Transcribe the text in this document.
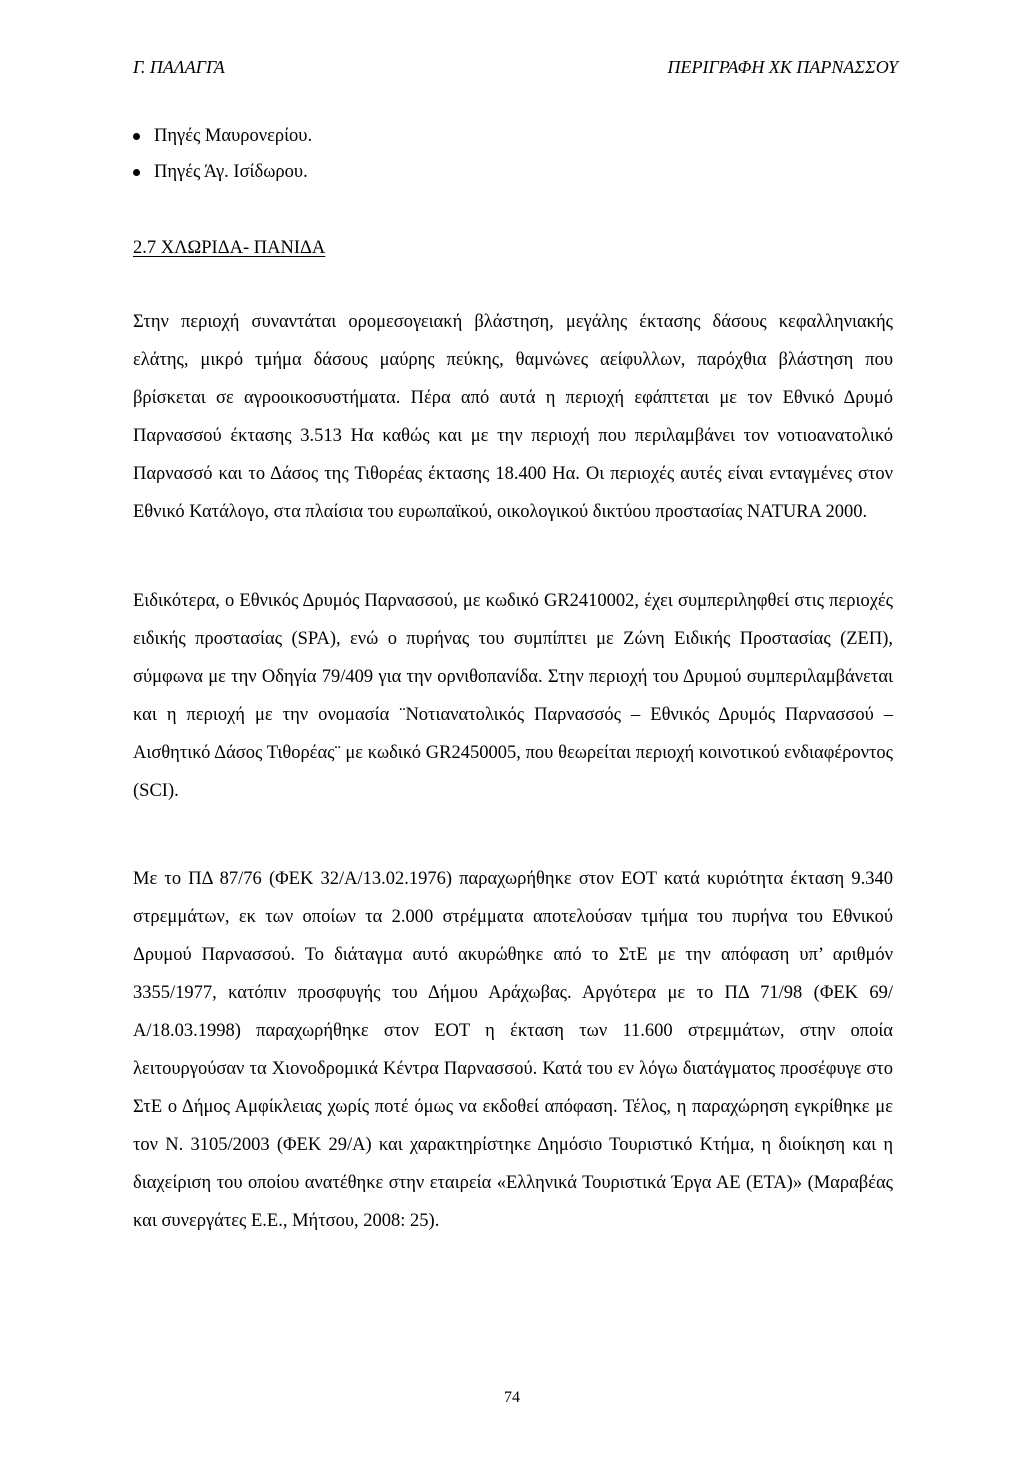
Γ. ΠΑΛΑΓΓΑ	ΠΕΡΙΓΡΑΦΗ ΧΚ ΠΑΡΝΑΣΣΟΥ
Πηγές Μαυρονερίου.
Πηγές Άγ. Ισίδωρου.
2.7 ΧΛΩΡΙΔΑ- ΠΑΝΙΔΑ

Στην περιοχή συναντάται ορομεσογειακή βλάστηση, μεγάλης έκτασης δάσους κεφαλληνιακής ελάτης, μικρό τμήμα δάσους μαύρης πεύκης, θαμνώνες αείφυλλων, παρόχθια βλάστηση που βρίσκεται σε αγροοικοσυστήματα. Πέρα από αυτά η περιοχή εφάπτεται με τον Εθνικό Δρυμό Παρνασσού έκτασης 3.513 Ηα καθώς και με την περιοχή που περιλαμβάνει τον νοτιοανατολικό Παρνασσό και το Δάσος της Τιθορέας έκτασης 18.400 Ηα. Οι περιοχές αυτές είναι ενταγμένες στον Εθνικό Κατάλογο, στα πλαίσια του ευρωπαϊκού, οικολογικού δικτύου προστασίας NATURA 2000.

Ειδικότερα, ο Εθνικός Δρυμός Παρνασσού, με κωδικό GR2410002, έχει συμπεριληφθεί στις περιοχές ειδικής προστασίας (SPA), ενώ ο πυρήνας του συμπίπτει με Ζώνη Ειδικής Προστασίας (ΖΕΠ), σύμφωνα με την Οδηγία 79/409 για την ορνιθοπανίδα. Στην περιοχή του Δρυμού συμπεριλαμβάνεται και η περιοχή με την ονομασία ¨Νοτιανατολικός Παρνασσός – Εθνικός Δρυμός Παρνασσού – Αισθητικό Δάσος Τιθορέας¨ με κωδικό GR2450005, που θεωρείται περιοχή κοινοτικού ενδιαφέροντος (SCI).

Με το ΠΔ 87/76 (ΦΕΚ 32/Α/13.02.1976) παραχωρήθηκε στον ΕΟΤ κατά κυριότητα έκταση 9.340 στρεμμάτων, εκ των οποίων τα 2.000 στρέμματα αποτελούσαν τμήμα του πυρήνα του Εθνικού Δρυμού Παρνασσού. Το διάταγμα αυτό ακυρώθηκε από το ΣτΕ με την απόφαση υπ’ αριθμόν 3355/1977, κατόπιν προσφυγής του Δήμου Αράχωβας. Αργότερα με το ΠΔ 71/98 (ΦΕΚ 69/Α/18.03.1998) παραχωρήθηκε στον ΕΟΤ η έκταση των 11.600 στρεμμάτων, στην οποία λειτουργούσαν τα Χιονοδρομικά Κέντρα Παρνασσού. Κατά του εν λόγω διατάγματος προσέφυγε στο ΣτΕ ο Δήμος Αμφίκλειας χωρίς ποτέ όμως να εκδοθεί απόφαση. Τέλος, η παραχώρηση εγκρίθηκε με τον Ν. 3105/2003 (ΦΕΚ 29/Α) και χαρακτηρίστηκε Δημόσιο Τουριστικό Κτήμα, η διοίκηση και η διαχείριση του οποίου ανατέθηκε στην εταιρεία «Ελληνικά Τουριστικά Έργα ΑΕ (ΕΤΑ)» (Μαραβέας και συνεργάτες Ε.Ε., Μήτσου, 2008: 25).

74
